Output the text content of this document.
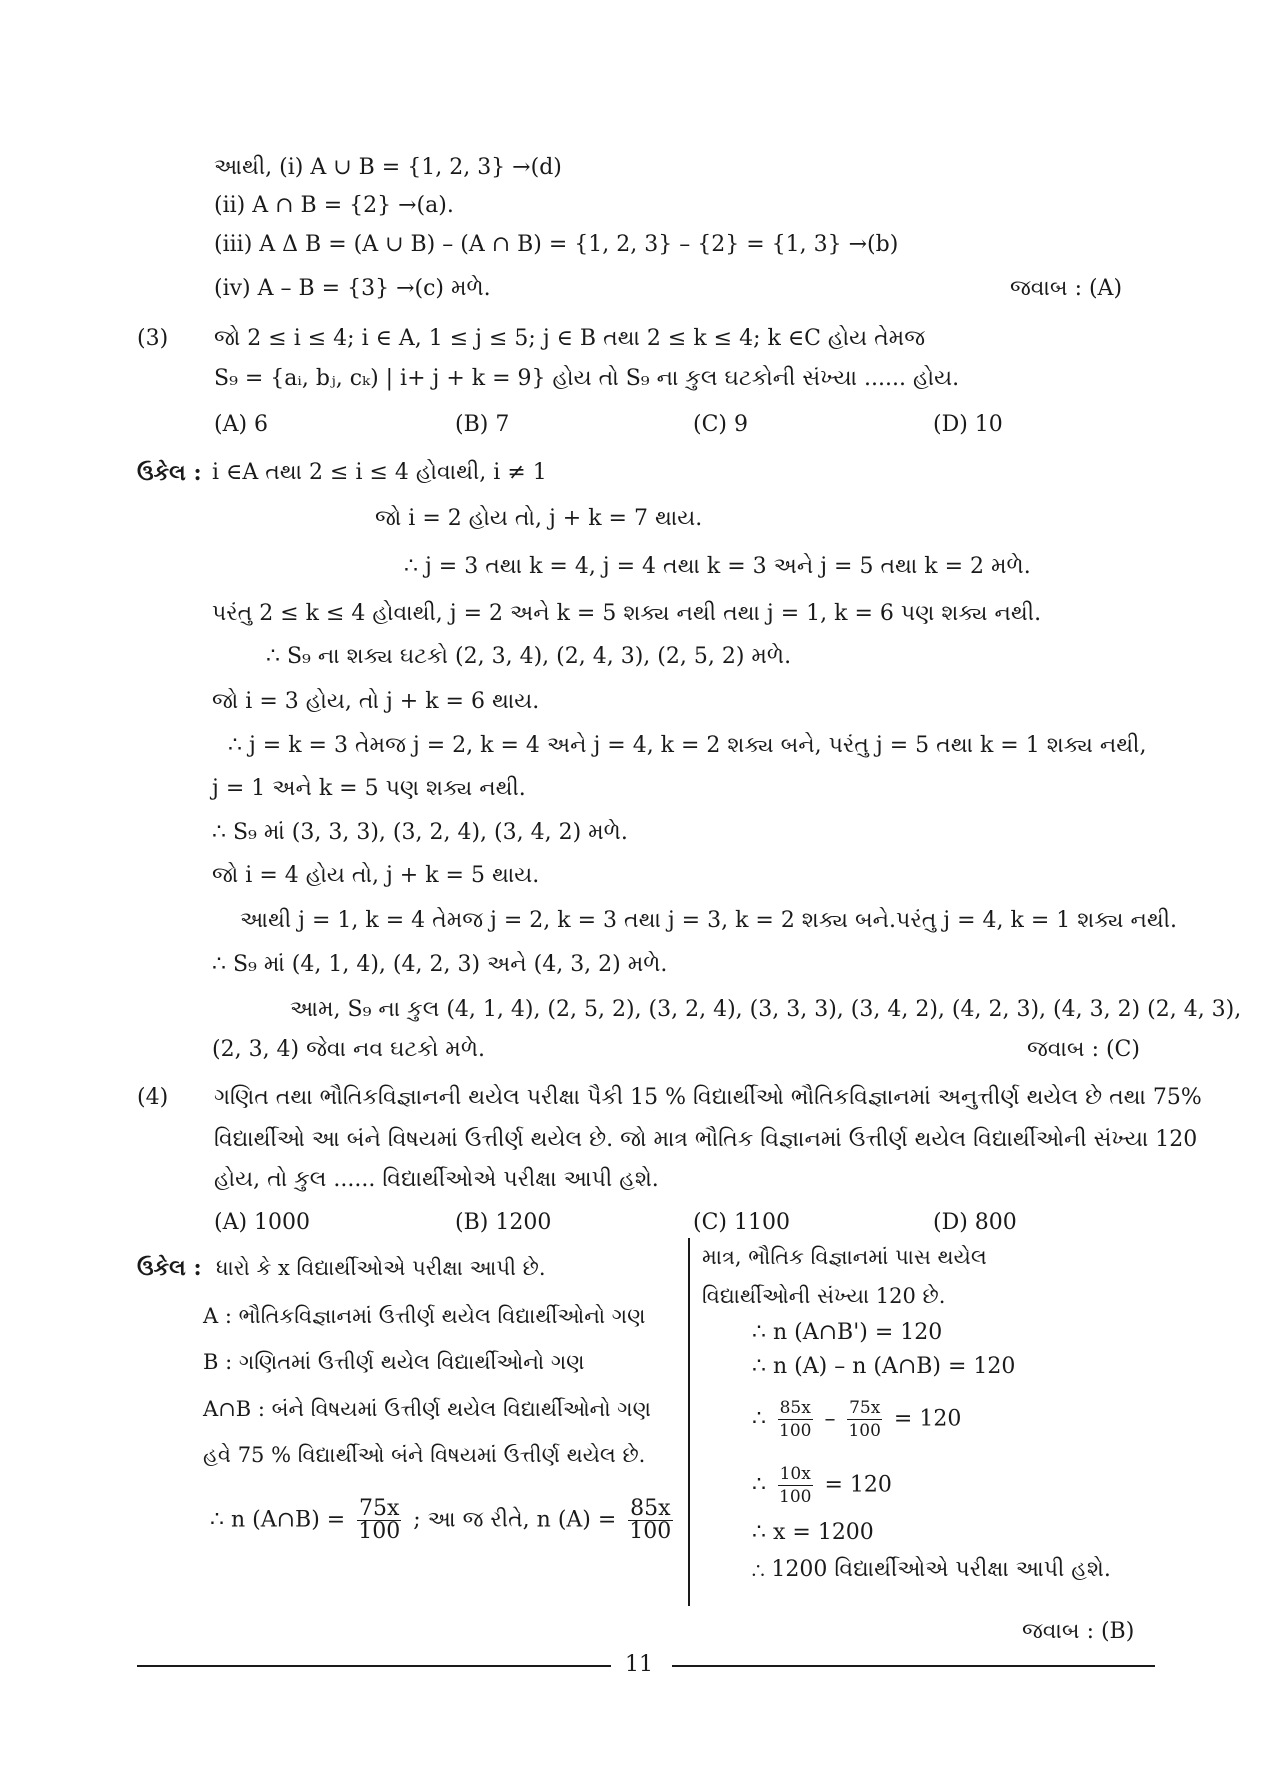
આથી, (i) A ∪ B = {1, 2, 3} →(d)
(ii) A ∩ B = {2} →(a).
(iii) A Δ B = (A ∪ B) – (A ∩ B) = {1, 2, 3} – {2} = {1, 3} →(b)
(iv) A – B = {3} →(c) મળે.	જવાબ : (A)
(3) જો 2 ≤ i ≤ 4; i ∈ A, 1 ≤ j ≤ 5; j ∈ B તથા 2 ≤ k ≤ 4; k ∈C હોય તેમજ
S₉ = {aᵢ, bⱼ, cₖ) | i+ j + k = 9} હોય તો S₉ ના કુલ ઘટકોની સંખ્યા ...... હોય.
(A) 6	(B) 7	(C) 9	(D) 10
ઉકેલ : i ∈A તથા 2 ≤ i ≤ 4 હોવાથી, i ≠ 1
જો i = 2 હોય તો, j + k = 7 થાય.
∴ j = 3 તથા k = 4, j = 4 તથા k = 3 અને j = 5 તથા k = 2 મળે.
પરંતુ 2 ≤ k ≤ 4 હોવાથી, j = 2 અને k = 5 શક્ય નથી તથા j = 1, k = 6 પણ શક્ય નથી.
∴ S₉ ના શક્ય ઘટકો (2, 3, 4), (2, 4, 3), (2, 5, 2) મળે.
જો i = 3 હોય, તો j + k = 6 થાય.
∴ j = k = 3 તેમજ j = 2, k = 4 અને j = 4, k = 2 શક્ય બને, પરંતુ j = 5 તથા k = 1 શક્ય નથી,
j = 1 અને k = 5 પણ શક્ય નથી.
∴ S₉ માં (3, 3, 3), (3, 2, 4), (3, 4, 2) મળે.
જો i = 4 હોય તો, j + k = 5 થાય.
આથી j = 1, k = 4 તેમજ j = 2, k = 3 તથા j = 3, k = 2 શક્ય બને.પરંતુ j = 4, k = 1 શક્ય નથી.
∴ S₉ માં (4, 1, 4), (4, 2, 3) અને (4, 3, 2) મળે.
આમ, S₉ ના કુલ (4, 1, 4), (2, 5, 2), (3, 2, 4), (3, 3, 3), (3, 4, 2), (4, 2, 3), (4, 3, 2) (2, 4, 3),
(2, 3, 4) જેવા નવ ઘટકો મળે.	જવાબ : (C)
(4) ગણિત તથા ભૌતિકવિજ્ઞાનની થયેલ પરીક્ષા પૈકી 15 % વિદ્યાર્થીઓ ભૌતિકવિજ્ઞાનમાં અનુત્તીર્ણ થયેલ છે તથા 75%
વિદ્યાર્થીઓ આ બંને વિષયમાં ઉત્તીર્ણ થયેલ છે. જો માત્ર ભૌતિક વિજ્ઞાનમાં ઉત્તીર્ણ થયેલ વિદ્યાર્થીઓની સંખ્યા 120
હોય, તો કુલ ...... વિદ્યાર્થીઓએ પરીક્ષા આપી હશે.
(A) 1000	(B) 1200	(C) 1100	(D) 800
ઉકેલ : ધારો કે x વિદ્યાર્થીઓએ પરીક્ષા આપી છે.
A : ભૌતિકવિજ્ઞાનમાં ઉત્તીર્ણ થયેલ વિદ્યાર્થીઓનો ગણ
B : ગણિતમાં ઉત્તીર્ણ થયેલ વિદ્યાર્થીઓનો ગણ
A∩B : બંને વિષયમાં ઉત્તીર્ણ થયેલ વિદ્યાર્થીઓનો ગણ
હવે 75 % વિદ્યાર્થીઓ બંને વિષયમાં ઉત્તીર્ણ થયેલ છે.
∴ n (A∩B) = $\frac{75x}{100}$ ; આ જ રીતે, n $(A) = \frac{85x}{100}$
માત્ર, ભૌતિક વિજ્ઞાનમાં પાસ થયેલ
વિદ્યાર્થીઓની સંખ્યા 120 છે.
∴ n (A∩B') = 120
∴ n (A) – n (A∩B) = 120
∴ $\frac{85x}{100} - \frac{75x}{100} = 120$
∴ $\frac{10x}{100} = 120$
∴ x = 1200
∴ 1200 વિદ્યાર્થીઓએ પરીક્ષા આપી હશે.
જવાબ : (B)
11
